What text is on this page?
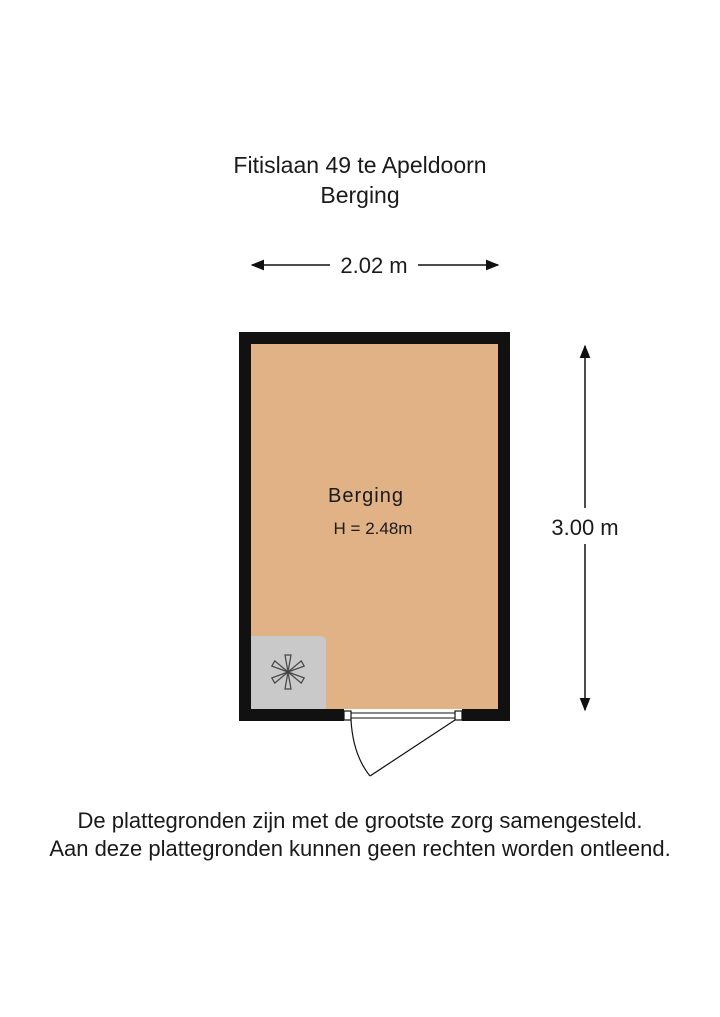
Fitislaan 49 te Apeldoorn
Berging
2.02 m
3.00 m
Berging
H = 2.48m
De plattegronden zijn met de grootste zorg samengesteld.
Aan deze plattegronden kunnen geen rechten worden ontleend.
